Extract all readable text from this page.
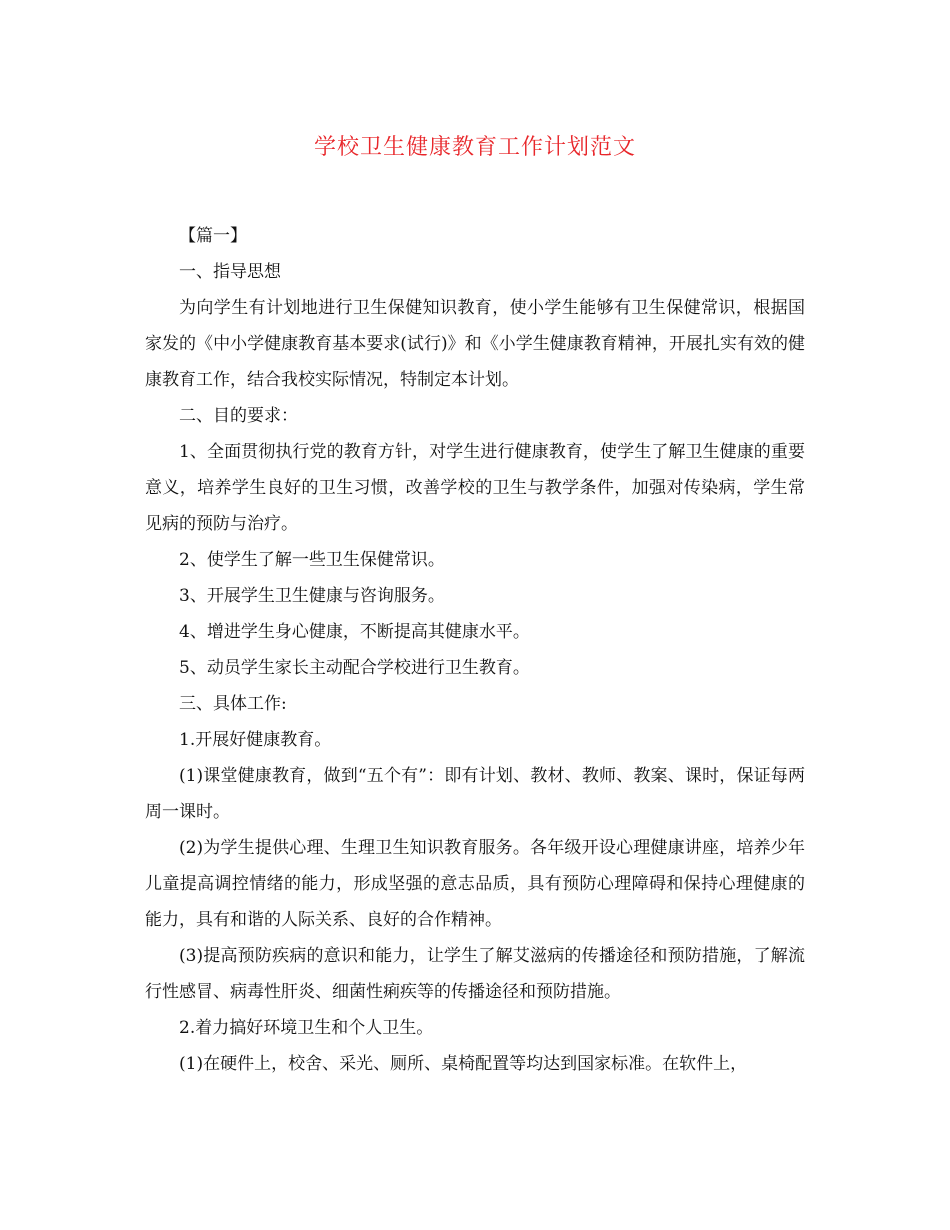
学校卫生健康教育工作计划范文

【篇一】

一、指导思想

为向学生有计划地进行卫生保健知识教育，使小学生能够有卫生保健常识，根据国家发的《中小学健康教育基本要求(试行)》和《小学生健康教育精神，开展扎实有效的健康教育工作，结合我校实际情况，特制定本计划。

二、目的要求：

1、全面贯彻执行党的教育方针，对学生进行健康教育，使学生了解卫生健康的重要意义，培养学生良好的卫生习惯，改善学校的卫生与教学条件，加强对传染病，学生常见病的预防与治疗。

2、使学生了解一些卫生保健常识。

3、开展学生卫生健康与咨询服务。

4、增进学生身心健康，不断提高其健康水平。

5、动员学生家长主动配合学校进行卫生教育。

三、具体工作:

1.开展好健康教育。

(1)课堂健康教育，做到“五个有”：即有计划、教材、教师、教案、课时，保证每两周一课时。

(2)为学生提供心理、生理卫生知识教育服务。各年级开设心理健康讲座，培养少年儿童提高调控情绪的能力，形成坚强的意志品质，具有预防心理障碍和保持心理健康的能力，具有和谐的人际关系、良好的合作精神。

(3)提高预防疾病的意识和能力，让学生了解艾滋病的传播途径和预防措施，了解流行性感冒、病毒性肝炎、细菌性痢疾等的传播途径和预防措施。

2.着力搞好环境卫生和个人卫生。

(1)在硬件上，校舍、采光、厕所、桌椅配置等均达到国家标准。在软件上，
